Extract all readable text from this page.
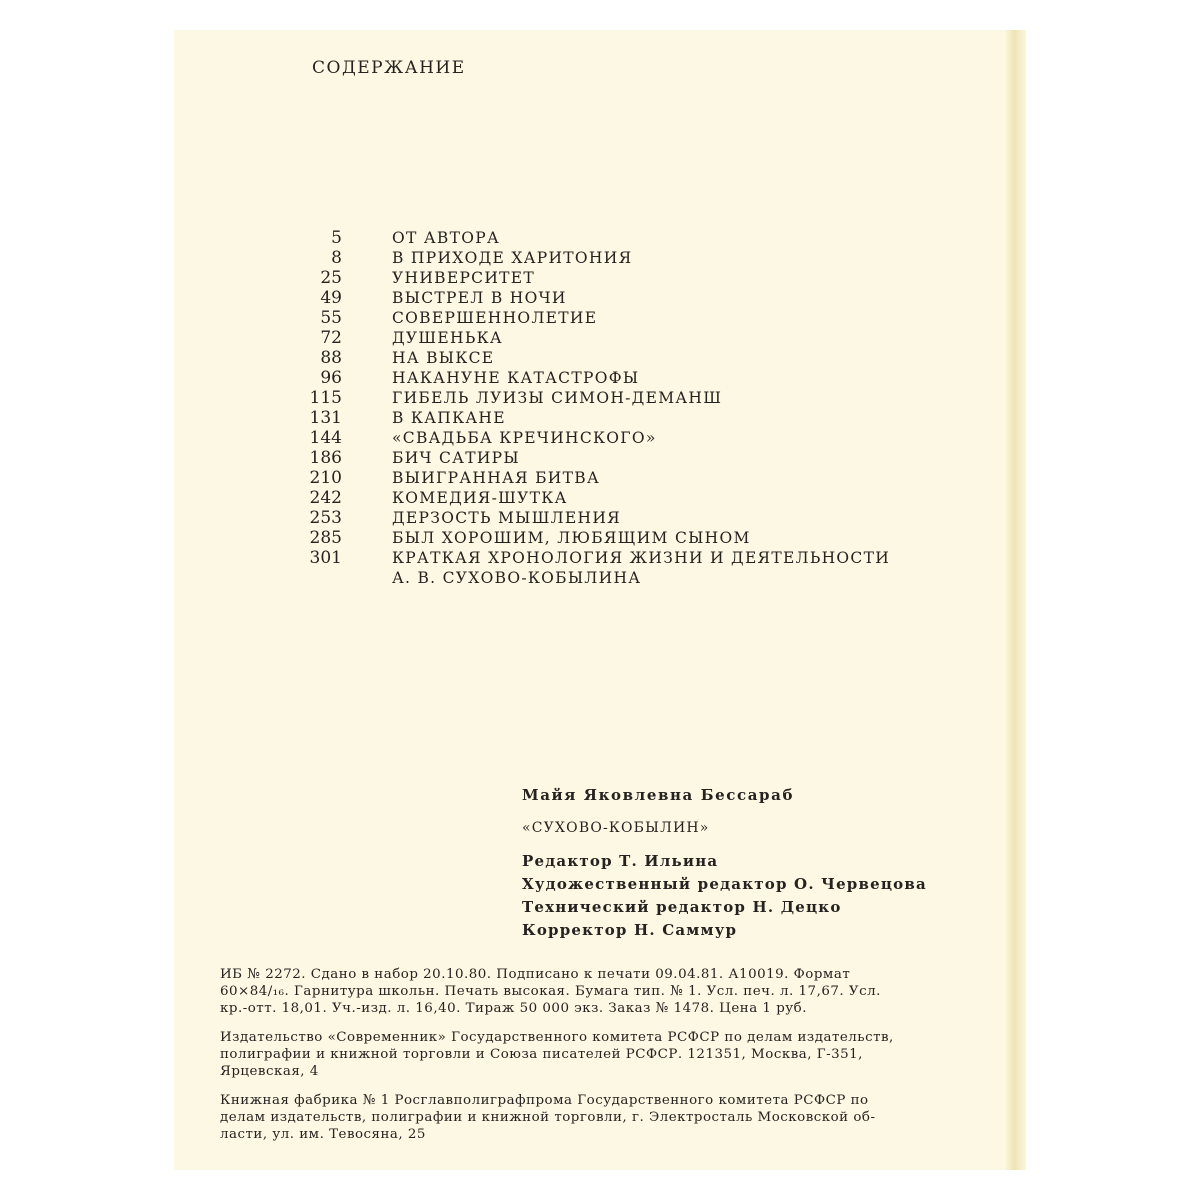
СОДЕРЖАНИЕ
5	ОТ АВТОРА
8	В ПРИХОДЕ ХАРИТОНИЯ
25	УНИВЕРСИТЕТ
49	ВЫСТРЕЛ В НОЧИ
55	СОВЕРШЕННОЛЕТИЕ
72	ДУШЕНЬКА
88	НА ВЫКСЕ
96	НАКАНУНЕ КАТАСТРОФЫ
115	ГИБЕЛЬ ЛУИЗЫ СИМОН-ДЕМАНШ
131	В КАПКАНЕ
144	«СВАДЬБА КРЕЧИНСКОГО»
186	БИЧ САТИРЫ
210	ВЫИГРАННАЯ БИТВА
242	КОМЕДИЯ-ШУТКА
253	ДЕРЗОСТЬ МЫШЛЕНИЯ
285	БЫЛ ХОРОШИМ, ЛЮБЯЩИМ СЫНОМ
301	КРАТКАЯ ХРОНОЛОГИЯ ЖИЗНИ И ДЕЯТЕЛЬНОСТИ
А. В. СУХОВО-КОБЫЛИНА
Майя Яковлевна Бессараб
«СУХОВО-КОБЫЛИН»
Редактор Т. Ильина
Художественный редактор О. Червецова
Технический редактор Н. Децко
Корректор Н. Саммур

ИБ № 2272. Сдано в набор 20.10.80. Подписано к печати 09.04.81. А10019. Формат
60×84/₁₆. Гарнитура школьн. Печать высокая. Бумага тип. № 1. Усл. печ. л. 17,67. Усл.
кр.-отт. 18,01. Уч.-изд. л. 16,40. Тираж 50 000 экз. Заказ № 1478. Цена 1 руб.

Издательство «Современник» Государственного комитета РСФСР по делам издательств,
полиграфии и книжной торговли и Союза писателей РСФСР. 121351, Москва, Г-351,
Ярцевская, 4

Книжная фабрика № 1 Росглавполиграфпрома Государственного комитета РСФСР по
делам издательств, полиграфии и книжной торговли, г. Электросталь Московской об-
ласти, ул. им. Тевосяна, 25
